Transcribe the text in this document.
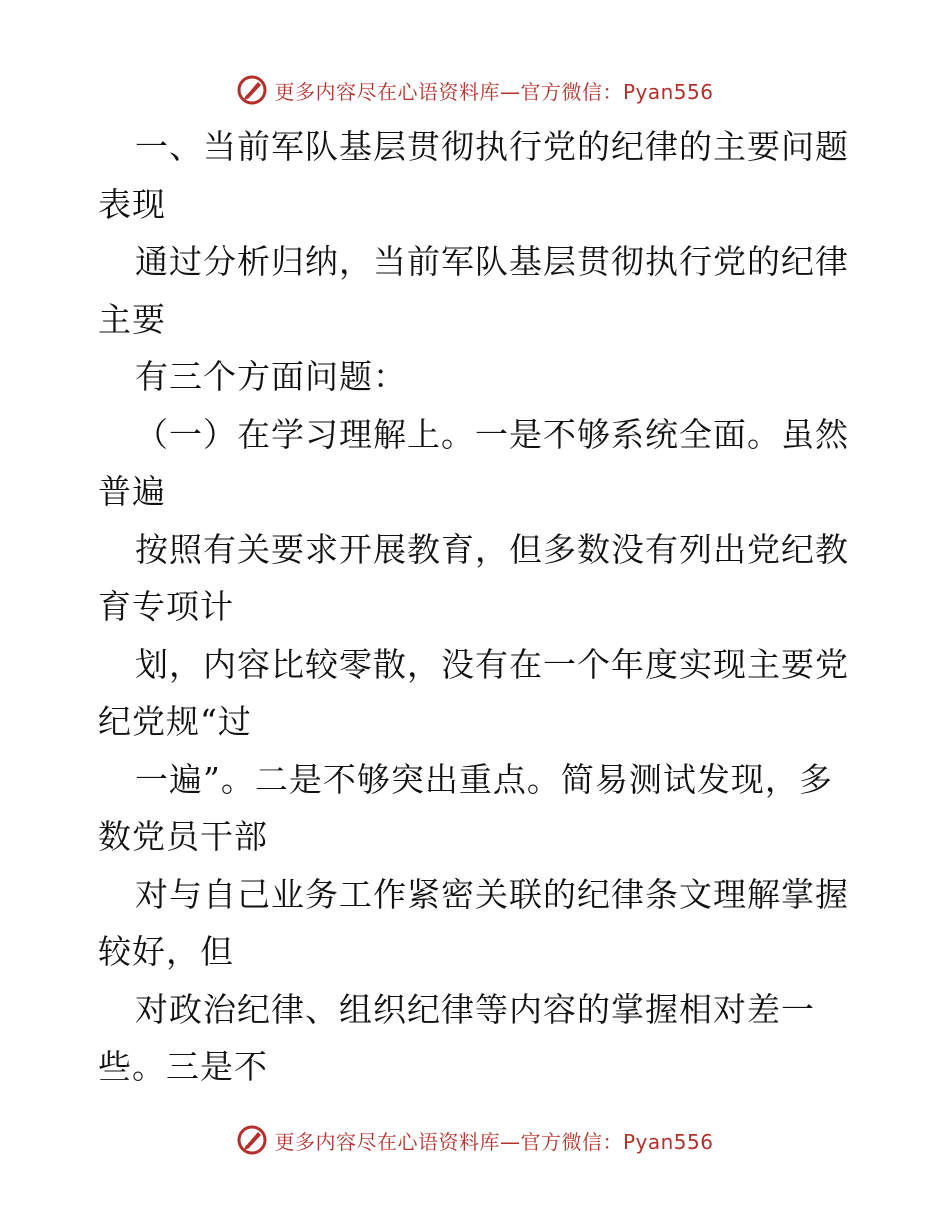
更多内容尽在心语资料库—官方微信：Pyan556
一、当前军队基层贯彻执行党的纪律的主要问题
表现
通过分析归纳，当前军队基层贯彻执行党的纪律
主要
有三个方面问题：
（一）在学习理解上。一是不够系统全面。虽然
普遍
按照有关要求开展教育，但多数没有列出党纪教
育专项计
划，内容比较零散，没有在一个年度实现主要党
纪党规“过
一遍”。二是不够突出重点。简易测试发现，多
数党员干部
对与自己业务工作紧密关联的纪律条文理解掌握
较好，但
对政治纪律、组织纪律等内容的掌握相对差一
些。三是不
更多内容尽在心语资料库—官方微信：Pyan556
